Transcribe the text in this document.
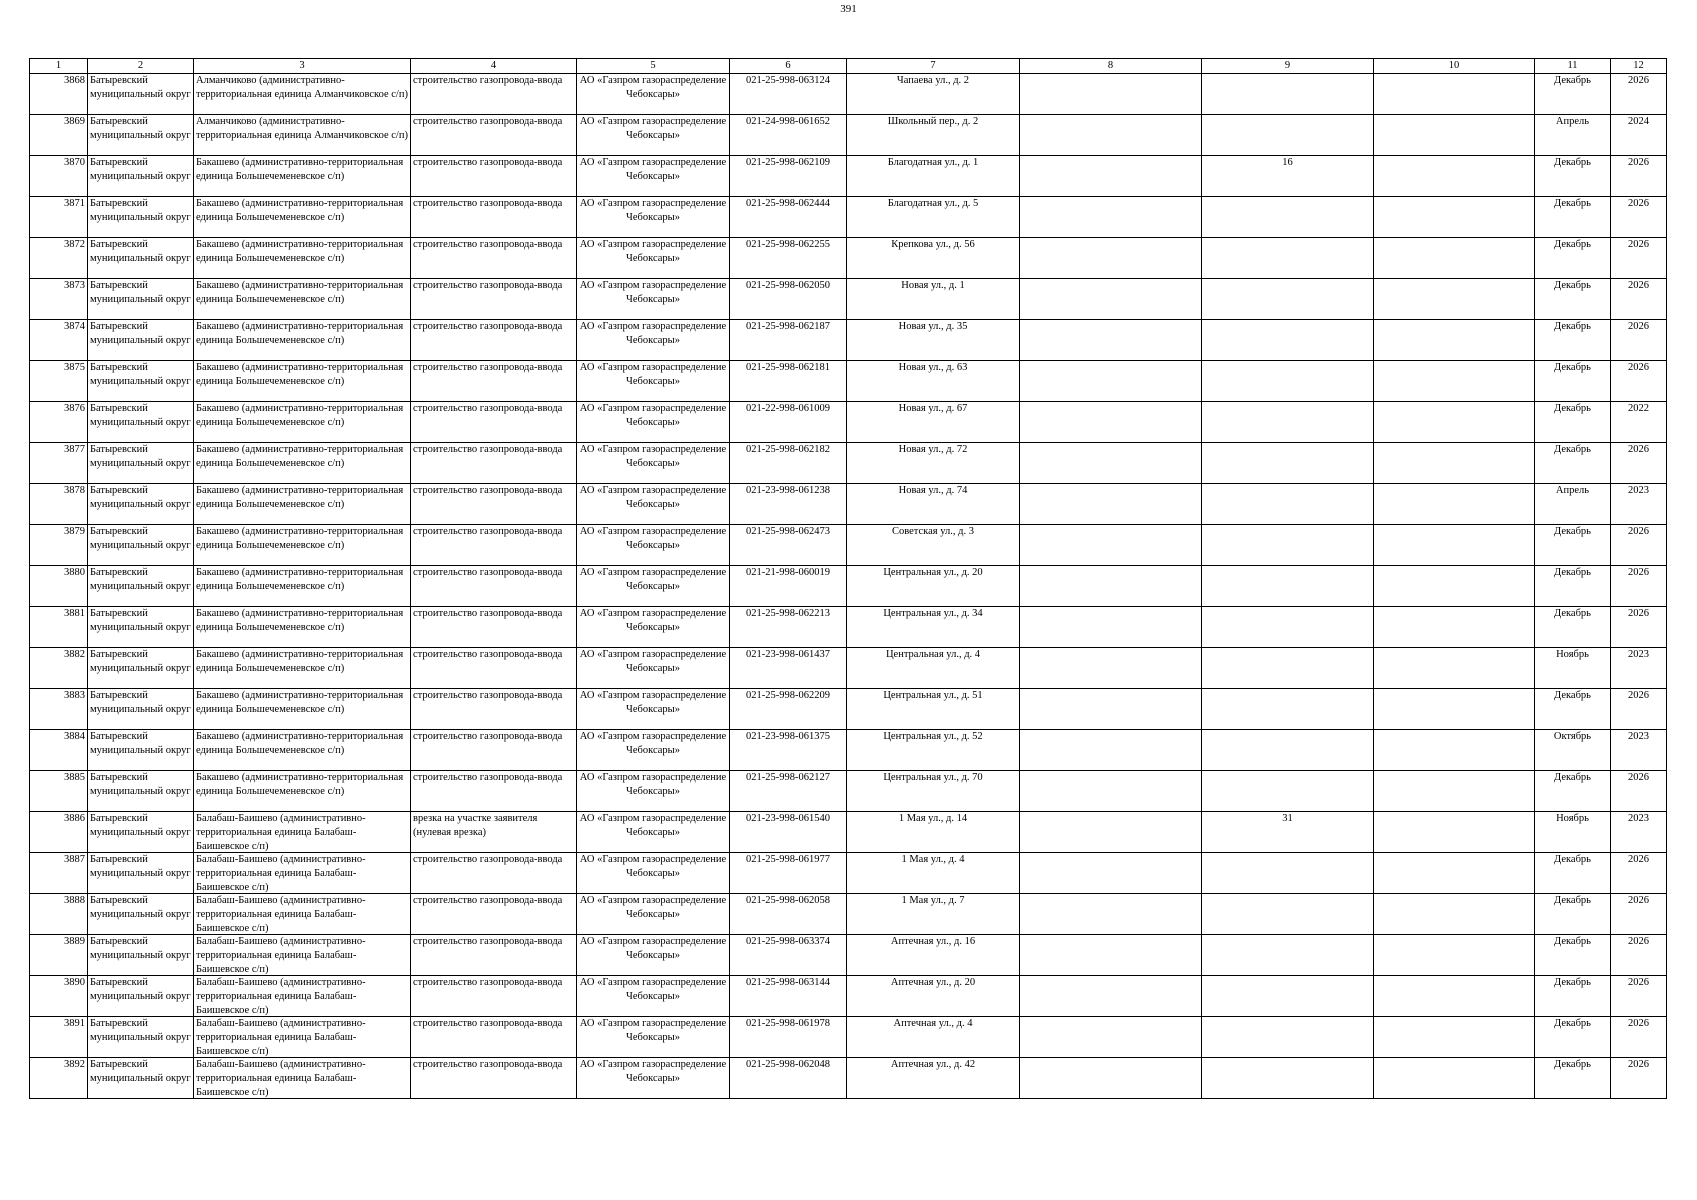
391
1	2	3	4	5	6	7	8	9	10	11	12

3868	Батыревский муниципальный округ	Алманчиково (административно-территориальная единица Алманчиковское с/п)	строительство газопровода-ввода	АО «Газпром газораспределение Чебоксары»	021-25-998-063124	Чапаева ул., д. 2				Декабрь	2026

3869	Батыревский муниципальный округ	Алманчиково (административно-территориальная единица Алманчиковское с/п)	строительство газопровода-ввода	АО «Газпром газораспределение Чебоксары»	021-24-998-061652	Школьный пер., д. 2				Апрель	2024

3870	Батыревский муниципальный округ	Бакашево (административно-территориальная единица Большечеменевское с/п)	строительство газопровода-ввода	АО «Газпром газораспределение Чебоксары»	021-25-998-062109	Благодатная ул., д. 1		16		Декабрь	2026

3871	Батыревский муниципальный округ	Бакашево (административно-территориальная единица Большечеменевское с/п)	строительство газопровода-ввода	АО «Газпром газораспределение Чебоксары»	021-25-998-062444	Благодатная ул., д. 5				Декабрь	2026

3872	Батыревский муниципальный округ	Бакашево (административно-территориальная единица Большечеменевское с/п)	строительство газопровода-ввода	АО «Газпром газораспределение Чебоксары»	021-25-998-062255	Крепкова ул., д. 56				Декабрь	2026

3873	Батыревский муниципальный округ	Бакашево (административно-территориальная единица Большечеменевское с/п)	строительство газопровода-ввода	АО «Газпром газораспределение Чебоксары»	021-25-998-062050	Новая ул., д. 1				Декабрь	2026

3874	Батыревский муниципальный округ	Бакашево (административно-территориальная единица Большечеменевское с/п)	строительство газопровода-ввода	АО «Газпром газораспределение Чебоксары»	021-25-998-062187	Новая ул., д. 35				Декабрь	2026

3875	Батыревский муниципальный округ	Бакашево (административно-территориальная единица Большечеменевское с/п)	строительство газопровода-ввода	АО «Газпром газораспределение Чебоксары»	021-25-998-062181	Новая ул., д. 63				Декабрь	2026

3876	Батыревский муниципальный округ	Бакашево (административно-территориальная единица Большечеменевское с/п)	строительство газопровода-ввода	АО «Газпром газораспределение Чебоксары»	021-22-998-061009	Новая ул., д. 67				Декабрь	2022

3877	Батыревский муниципальный округ	Бакашево (административно-территориальная единица Большечеменевское с/п)	строительство газопровода-ввода	АО «Газпром газораспределение Чебоксары»	021-25-998-062182	Новая ул., д. 72				Декабрь	2026

3878	Батыревский муниципальный округ	Бакашево (административно-территориальная единица Большечеменевское с/п)	строительство газопровода-ввода	АО «Газпром газораспределение Чебоксары»	021-23-998-061238	Новая ул., д. 74				Апрель	2023

3879	Батыревский муниципальный округ	Бакашево (административно-территориальная единица Большечеменевское с/п)	строительство газопровода-ввода	АО «Газпром газораспределение Чебоксары»	021-25-998-062473	Советская ул., д. 3				Декабрь	2026

3880	Батыревский муниципальный округ	Бакашево (административно-территориальная единица Большечеменевское с/п)	строительство газопровода-ввода	АО «Газпром газораспределение Чебоксары»	021-21-998-060019	Центральная ул., д. 20				Декабрь	2026

3881	Батыревский муниципальный округ	Бакашево (административно-территориальная единица Большечеменевское с/п)	строительство газопровода-ввода	АО «Газпром газораспределение Чебоксары»	021-25-998-062213	Центральная ул., д. 34				Декабрь	2026

3882	Батыревский муниципальный округ	Бакашево (административно-территориальная единица Большечеменевское с/п)	строительство газопровода-ввода	АО «Газпром газораспределение Чебоксары»	021-23-998-061437	Центральная ул., д. 4				Ноябрь	2023

3883	Батыревский муниципальный округ	Бакашево (административно-территориальная единица Большечеменевское с/п)	строительство газопровода-ввода	АО «Газпром газораспределение Чебоксары»	021-25-998-062209	Центральная ул., д. 51				Декабрь	2026

3884	Батыревский муниципальный округ	Бакашево (административно-территориальная единица Большечеменевское с/п)	строительство газопровода-ввода	АО «Газпром газораспределение Чебоксары»	021-23-998-061375	Центральная ул., д. 52				Октябрь	2023

3885	Батыревский муниципальный округ	Бакашево (административно-территориальная единица Большечеменевское с/п)	строительство газопровода-ввода	АО «Газпром газораспределение Чебоксары»	021-25-998-062127	Центральная ул., д. 70				Декабрь	2026

3886	Батыревский муниципальный округ	Балабаш-Баишево (административно-территориальная единица Балабаш-Баишевское с/п)	врезка на участке заявителя (нулевая врезка)	АО «Газпром газораспределение Чебоксары»	021-23-998-061540	1 Мая ул., д. 14		31		Ноябрь	2023

3887	Батыревский муниципальный округ	Балабаш-Баишево (административно-территориальная единица Балабаш-Баишевское с/п)	строительство газопровода-ввода	АО «Газпром газораспределение Чебоксары»	021-25-998-061977	1 Мая ул., д. 4				Декабрь	2026

3888	Батыревский муниципальный округ	Балабаш-Баишево (административно-территориальная единица Балабаш-Баишевское с/п)	строительство газопровода-ввода	АО «Газпром газораспределение Чебоксары»	021-25-998-062058	1 Мая ул., д. 7				Декабрь	2026

3889	Батыревский муниципальный округ	Балабаш-Баишево (административно-территориальная единица Балабаш-Баишевское с/п)	строительство газопровода-ввода	АО «Газпром газораспределение Чебоксары»	021-25-998-063374	Аптечная ул., д. 16				Декабрь	2026

3890	Батыревский муниципальный округ	Балабаш-Баишево (административно-территориальная единица Балабаш-Баишевское с/п)	строительство газопровода-ввода	АО «Газпром газораспределение Чебоксары»	021-25-998-063144	Аптечная ул., д. 20				Декабрь	2026

3891	Батыревский муниципальный округ	Балабаш-Баишево (административно-территориальная единица Балабаш-Баишевское с/п)	строительство газопровода-ввода	АО «Газпром газораспределение Чебоксары»	021-25-998-061978	Аптечная ул., д. 4				Декабрь	2026

3892	Батыревский муниципальный округ	Балабаш-Баишево (административно-территориальная единица Балабаш-Баишевское с/п)	строительство газопровода-ввода	АО «Газпром газораспределение Чебоксары»	021-25-998-062048	Аптечная ул., д. 42				Декабрь	2026
